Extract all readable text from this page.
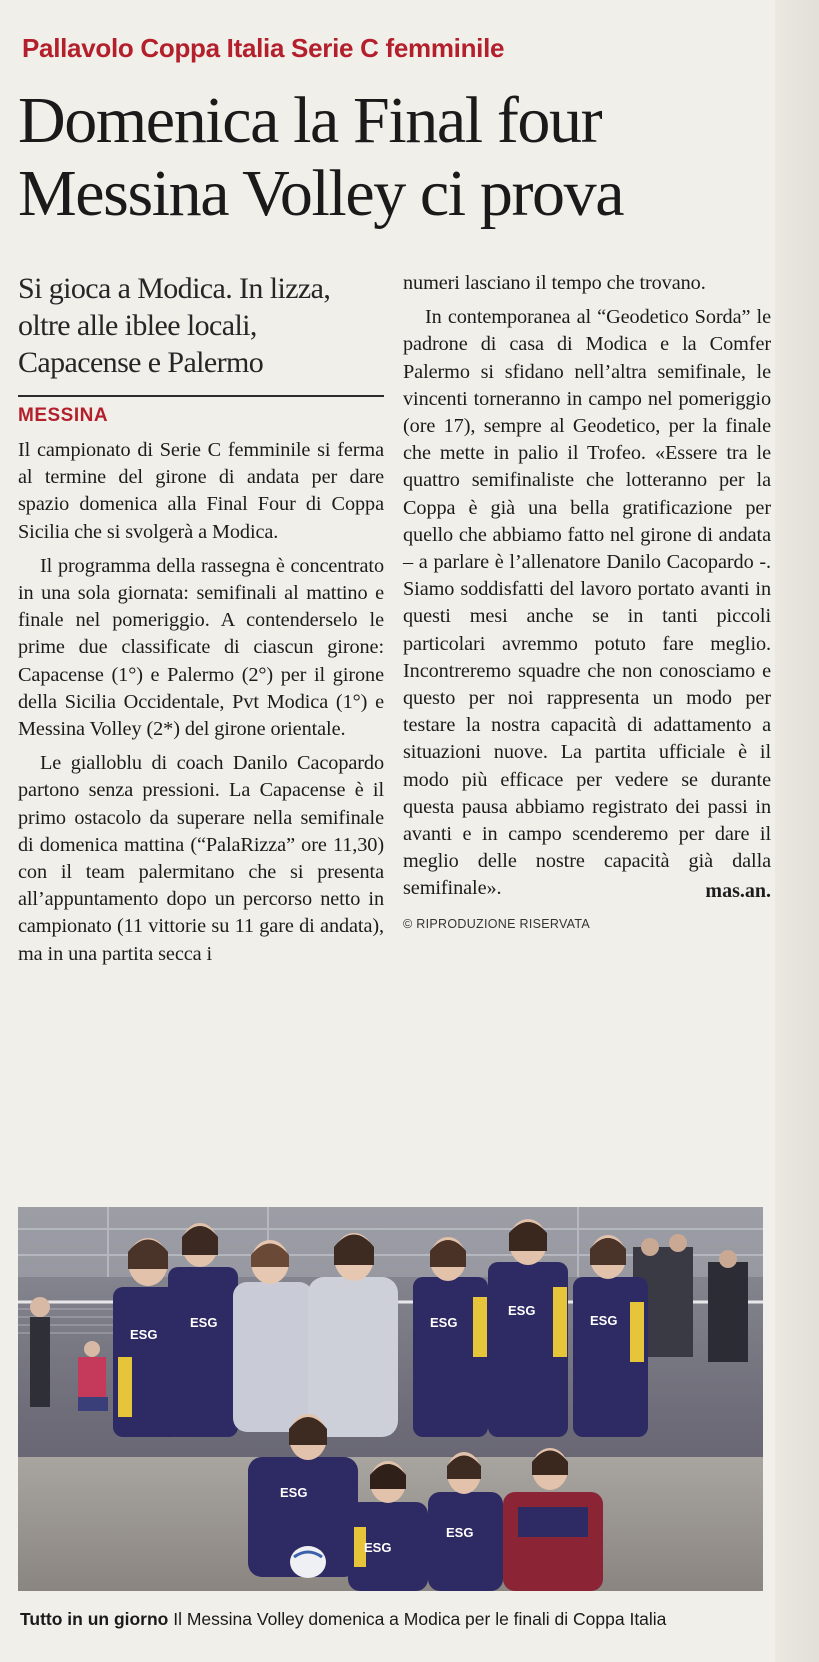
Pallavolo Coppa Italia Serie C femminile
Domenica la Final four
Messina Volley ci prova

Si gioca a Modica. In lizza, oltre alle iblee locali, Capacense e Palermo

MESSINA

Il campionato di Serie C femminile si ferma al termine del girone di andata per dare spazio domenica alla Final Four di Coppa Sicilia che si svolgerà a Modica.

Il programma della rassegna è concentrato in una sola giornata: semifinali al mattino e finale nel pomeriggio. A contenderselo le prime due classificate di ciascun girone: Capacense (1°) e Palermo (2°) per il girone della Sicilia Occidentale, Pvt Modica (1°) e Messina Volley (2*) del girone orientale.

Le gialloblu di coach Danilo Cacopardo partono senza pressioni. La Capacense è il primo ostacolo da superare nella semifinale di domenica mattina (“PalaRizza” ore 11,30) con il team palermitano che si presenta all’appuntamento dopo un percorso netto in campionato (11 vittorie su 11 gare di andata), ma in una partita secca i

numeri lasciano il tempo che trovano.

In contemporanea al “Geodetico Sorda” le padrone di casa di Modica e la Comfer Palermo si sfidano nell’altra semifinale, le vincenti torneranno in campo nel pomeriggio (ore 17), sempre al Geodetico, per la finale che mette in palio il Trofeo. «Essere tra le quattro semifinaliste che lotteranno per la Coppa è già una bella gratificazione per quello che abbiamo fatto nel girone di andata – a parlare è l’allenatore Danilo Cacopardo -. Siamo soddisfatti del lavoro portato avanti in questi mesi anche se in tanti piccoli particolari avremmo potuto fare meglio. Incontreremo squadre che non conosciamo e questo per noi rappresenta un modo per testare la nostra capacità di adattamento a situazioni nuove. La partita ufficiale è il modo più efficace per vedere se durante questa pausa abbiamo registrato dei passi in avanti e in campo scenderemo per dare il meglio delle nostre capacità già dalla semifinale».	mas.an.
© RIPRODUZIONE RISERVATA
ESG
ESG	ESG
ESG
ESG
ESG
ESG
ESG
Tutto in un giorno Il Messina Volley domenica a Modica per le finali di Coppa Italia
